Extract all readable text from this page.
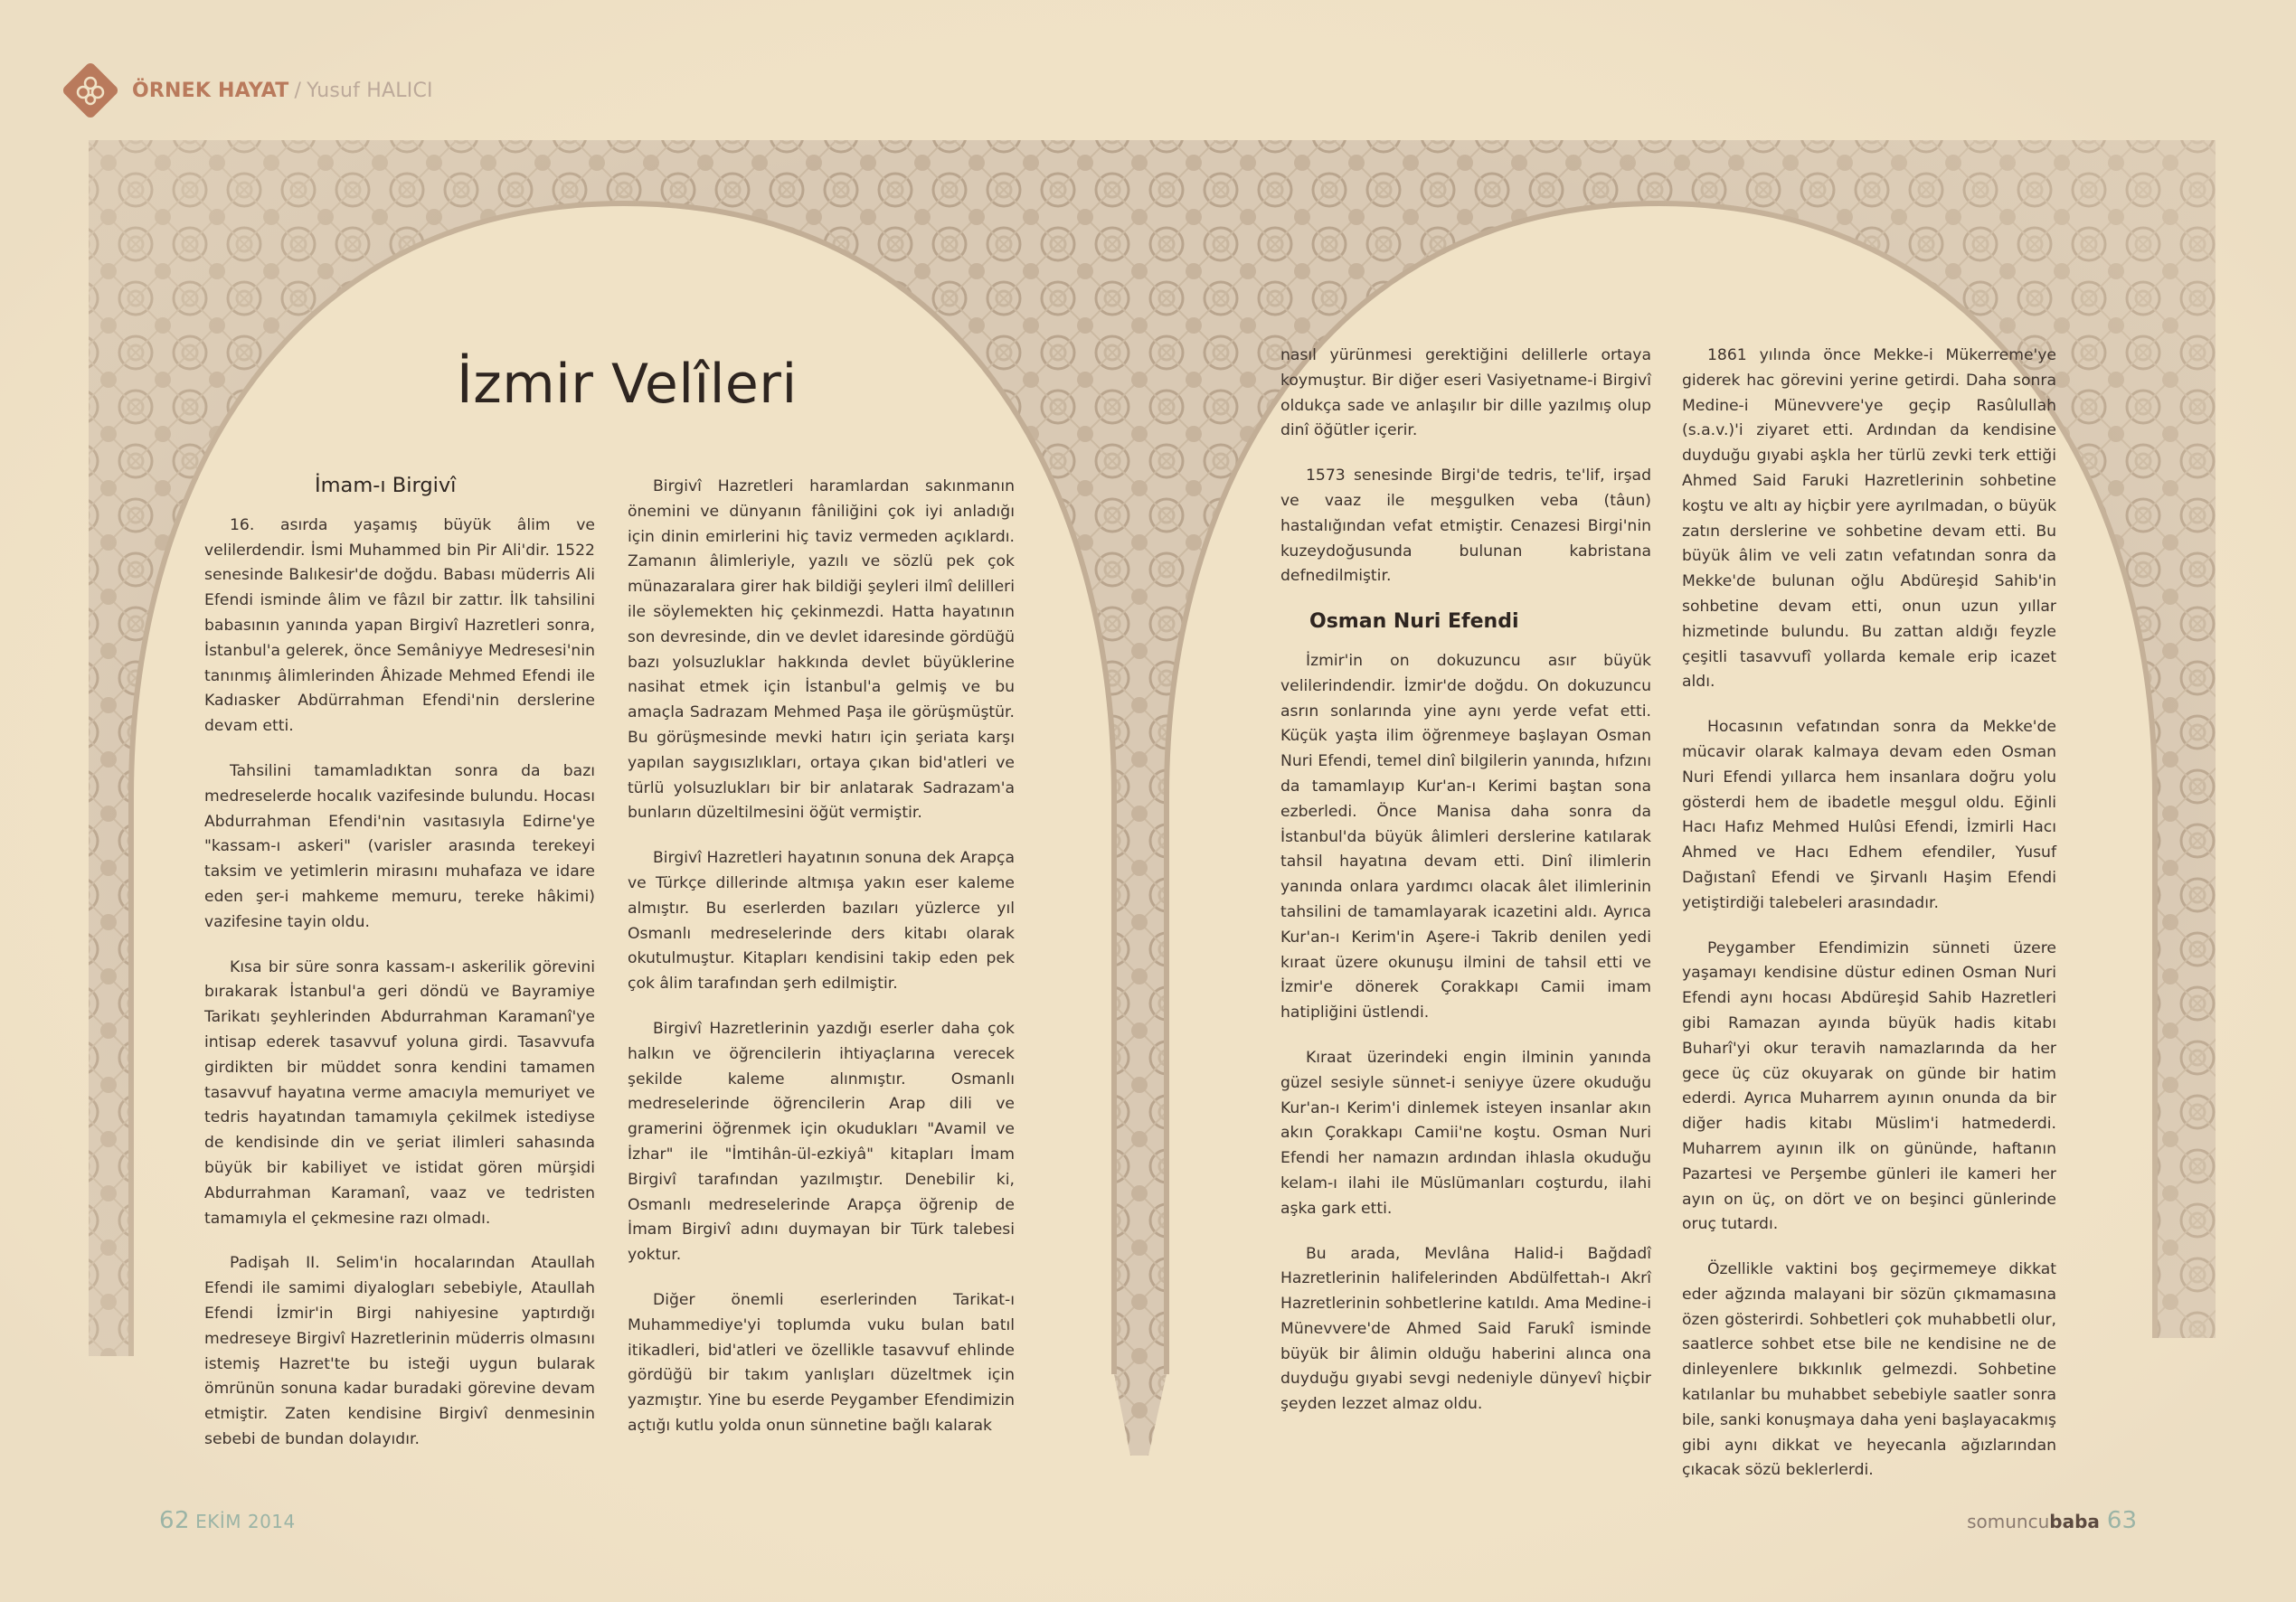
ÖRNEK HAYAT / Yusuf HALICI
İzmir Velîleri
İmam-ı Birgivî

16. asırda yaşamış büyük âlim ve velilerdendir. İsmi Muhammed bin Pir Ali'dir. 1522 senesinde Balıkesir'de doğdu. Babası müderris Ali Efendi isminde âlim ve fâzıl bir zattır. İlk tahsilini babasının yanında yapan Birgivî Hazretleri sonra, İstanbul'a gelerek, önce Semâniyye Medresesi'nin tanınmış âlimlerinden Âhizade Mehmed Efendi ile Kadıasker Abdürrahman Efendi'nin derslerine devam etti.

Tahsilini tamamladıktan sonra da bazı medreselerde hocalık vazifesinde bulundu. Hocası Abdurrahman Efendi'nin vasıtasıyla Edirne'ye "kassam-ı askeri" (varisler arasında terekeyi taksim ve yetimlerin mirasını muhafaza ve idare eden şer-i mahkeme memuru, tereke hâkimi) vazifesine tayin oldu.

Kısa bir süre sonra kassam-ı askerilik görevini bırakarak İstanbul'a geri döndü ve Bayramiye Tarikatı şeyhlerinden Abdurrahman Karamanî'ye intisap ederek tasavvuf yoluna girdi. Tasavvufa girdikten bir müddet sonra kendini tamamen tasavvuf hayatına verme amacıyla memuriyet ve tedris hayatından tamamıyla çekilmek istediyse de kendisinde din ve şeriat ilimleri sahasında büyük bir kabiliyet ve istidat gören mürşidi Abdurrahman Karamanî, vaaz ve tedristen tamamıyla el çekmesine razı olmadı.

Padişah II. Selim'in hocalarından Ataullah Efendi ile samimi diyalogları sebebiyle, Ataullah Efendi İzmir'in Birgi nahiyesine yaptırdığı medreseye Birgivî Hazretlerinin müderris olmasını istemiş Hazret'te bu isteği uygun bularak ömrünün sonuna kadar buradaki görevine devam etmiştir. Zaten kendisine Birgivî denmesinin sebebi de bundan dolayıdır.

Birgivî Hazretleri haramlardan sakınmanın önemini ve dünyanın fâniliğini çok iyi anladığı için dinin emirlerini hiç taviz vermeden açıklardı. Zamanın âlimleriyle, yazılı ve sözlü pek çok münazaralara girer hak bildiği şeyleri ilmî delilleri ile söylemekten hiç çekinmezdi. Hatta hayatının son devresinde, din ve devlet idaresinde gördüğü bazı yolsuzluklar hakkında devlet büyüklerine nasihat etmek için İstanbul'a gelmiş ve bu amaçla Sadrazam Mehmed Paşa ile görüşmüştür. Bu görüşmesinde mevki hatırı için şeriata karşı yapılan saygısızlıkları, ortaya çıkan bid'atleri ve türlü yolsuzlukları bir bir anlatarak Sadrazam'a bunların düzeltilmesini öğüt vermiştir.

Birgivî Hazretleri hayatının sonuna dek Arapça ve Türkçe dillerinde altmışa yakın eser kaleme almıştır. Bu eserlerden bazıları yüzlerce yıl Osmanlı medreselerinde ders kitabı olarak okutulmuştur. Kitapları kendisini takip eden pek çok âlim tarafından şerh edilmiştir.

Birgivî Hazretlerinin yazdığı eserler daha çok halkın ve öğrencilerin ihtiyaçlarına verecek şekilde kaleme alınmıştır. Osmanlı medreselerinde öğrencilerin Arap dili ve gramerini öğrenmek için okudukları "Avamil ve İzhar" ile "İmtihân-ül-ezkiyâ" kitapları İmam Birgivî tarafından yazılmıştır. Denebilir ki, Osmanlı medreselerinde Arapça öğrenip de İmam Birgivî adını duymayan bir Türk talebesi yoktur.

Diğer önemli eserlerinden Tarikat-ı Muhammediye'yi toplumda vuku bulan batıl itikadleri, bid'atleri ve özellikle tasavvuf ehlinde gördüğü bir takım yanlışları düzeltmek için yazmıştır. Yine bu eserde Peygamber Efendimizin açtığı kutlu yolda onun sünnetine bağlı kalarak

nasıl yürünmesi gerektiğini delillerle ortaya koymuştur. Bir diğer eseri Vasiyetname-i Birgivî oldukça sade ve anlaşılır bir dille yazılmış olup dinî öğütler içerir.

1573 senesinde Birgi'de tedris, te'lif, irşad ve vaaz ile meşgulken veba (tâun) hastalığından vefat etmiştir. Cenazesi Birgi'nin kuzeydoğusunda bulunan kabristana defnedilmiştir.

Osman Nuri Efendi

İzmir'in on dokuzuncu asır büyük velilerindendir. İzmir'de doğdu. On dokuzuncu asrın sonlarında yine aynı yerde vefat etti. Küçük yaşta ilim öğrenmeye başlayan Osman Nuri Efendi, temel dinî bilgilerin yanında, hıfzını da tamamlayıp Kur'an-ı Kerimi baştan sona ezberledi. Önce Manisa daha sonra da İstanbul'da büyük âlimleri derslerine katılarak tahsil hayatına devam etti. Dinî ilimlerin yanında onlara yardımcı olacak âlet ilimlerinin tahsilini de tamamlayarak icazetini aldı. Ayrıca Kur'an-ı Kerim'in Aşere-i Takrib denilen yedi kıraat üzere okunuşu ilmini de tahsil etti ve İzmir'e dönerek Çorakkapı Camii imam hatipliğini üstlendi.

Kıraat üzerindeki engin ilminin yanında güzel sesiyle sünnet-i seniyye üzere okuduğu Kur'an-ı Kerim'i dinlemek isteyen insanlar akın akın Çorakkapı Camii'ne koştu. Osman Nuri Efendi her namazın ardından ihlasla okuduğu kelam-ı ilahi ile Müslümanları coşturdu, ilahi aşka gark etti.

Bu arada, Mevlâna Halid-i Bağdadî Hazretlerinin halifelerinden Abdülfettah-ı Akrî Hazretlerinin sohbetlerine katıldı. Ama Medine-i Münevvere'de Ahmed Said Farukî isminde büyük bir âlimin olduğu haberini alınca ona duyduğu gıyabi sevgi nedeniyle dünyevî hiçbir şeyden lezzet almaz oldu.

1861 yılında önce Mekke-i Mükerreme'ye giderek hac görevini yerine getirdi. Daha sonra Medine-i Münevvere'ye geçip Rasûlullah (s.a.v.)'i ziyaret etti. Ardından da kendisine duyduğu gıyabi aşkla her türlü zevki terk ettiği Ahmed Said Faruki Hazretlerinin sohbetine koştu ve altı ay hiçbir yere ayrılmadan, o büyük zatın derslerine ve sohbetine devam etti. Bu büyük âlim ve veli zatın vefatından sonra da Mekke'de bulunan oğlu Abdüreşid Sahib'in sohbetine devam etti, onun uzun yıllar hizmetinde bulundu. Bu zattan aldığı feyzle çeşitli tasavvufî yollarda kemale erip icazet aldı.

Hocasının vefatından sonra da Mekke'de mücavir olarak kalmaya devam eden Osman Nuri Efendi yıllarca hem insanlara doğru yolu gösterdi hem de ibadetle meşgul oldu. Eğinli Hacı Hafız Mehmed Hulûsi Efendi, İzmirli Hacı Ahmed ve Hacı Edhem efendiler, Yusuf Dağıstanî Efendi ve Şirvanlı Haşim Efendi yetiştirdiği talebeleri arasındadır.

Peygamber Efendimizin sünneti üzere yaşamayı kendisine düstur edinen Osman Nuri Efendi aynı hocası Abdüreşid Sahib Hazretleri gibi Ramazan ayında büyük hadis kitabı Buharî'yi okur teravih namazlarında da her gece üç cüz okuyarak on günde bir hatim ederdi. Ayrıca Muharrem ayının onunda da bir diğer hadis kitabı Müslim'i hatmederdi. Muharrem ayının ilk on gününde, haftanın Pazartesi ve Perşembe günleri ile kameri her ayın on üç, on dört ve on beşinci günlerinde oruç tutardı.

Özellikle vaktini boş geçirmemeye dikkat eder ağzında malayani bir sözün çıkmamasına özen gösterirdi. Sohbetleri çok muhabbetli olur, saatlerce sohbet etse bile ne kendisine ne de dinleyenlere bıkkınlık gelmezdi. Sohbetine katılanlar bu muhabbet sebebiyle saatler sonra bile, sanki konuşmaya daha yeni başlayacakmış gibi aynı dikkat ve heyecanla ağızlarından çıkacak sözü beklerlerdi.

62 EKİM 2014	somuncubaba 63
